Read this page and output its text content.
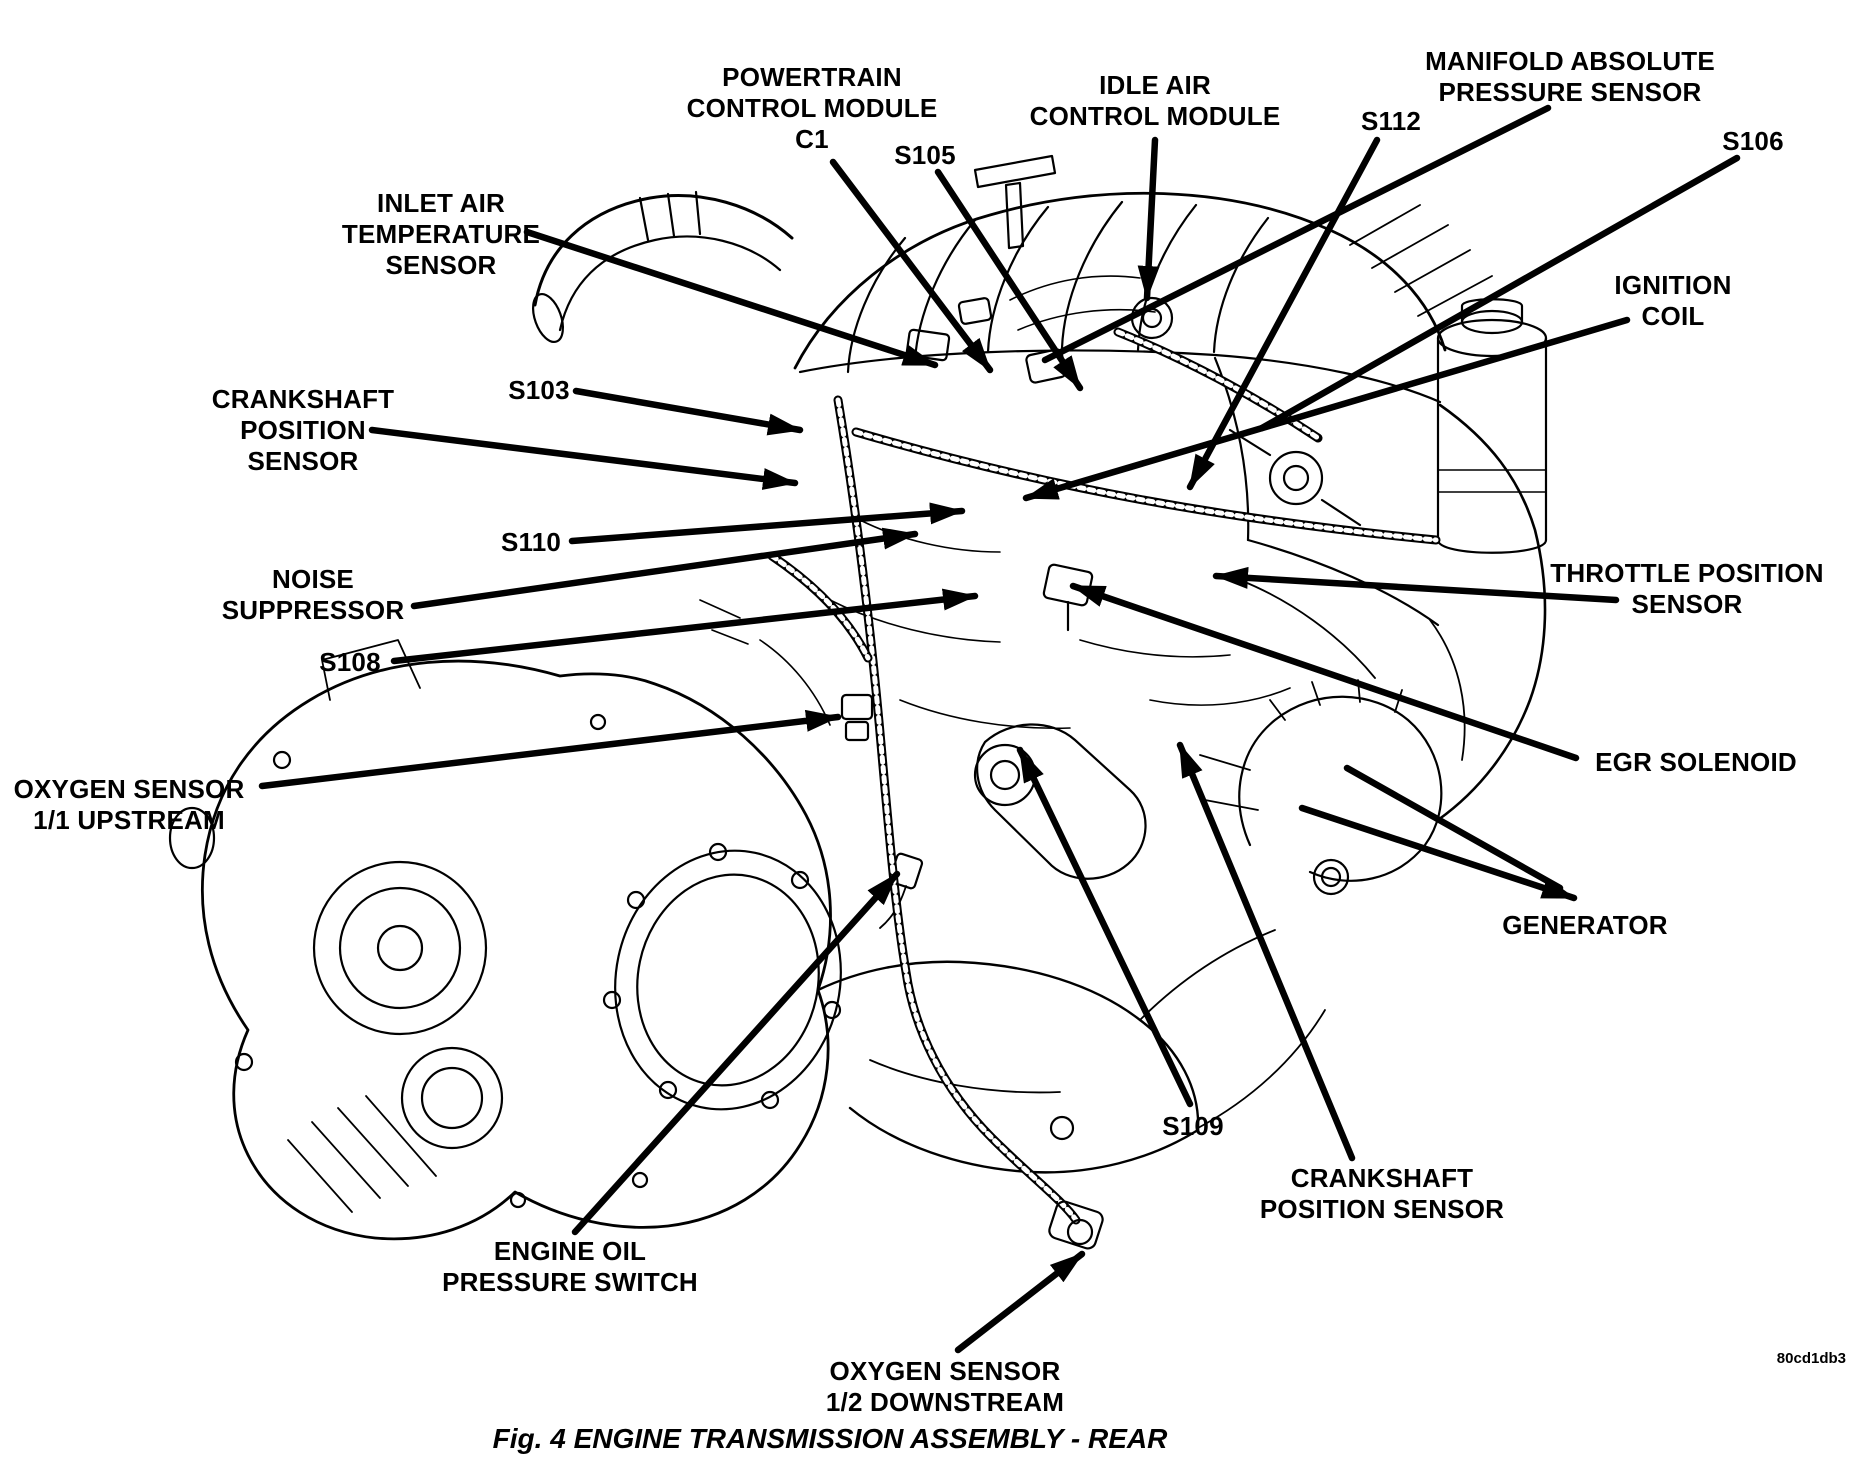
Fig. 4 ENGINE TRANSMISSION ASSEMBLY - REAR
80cd1db3
POWERTRAIN
CONTROL MODULE
C1
S105
IDLE AIR
CONTROL MODULE	S112
MANIFOLD ABSOLUTE
PRESSURE SENSOR
S106
INLET AIR
TEMPERATURE
SENSOR
S103
CRANKSHAFT
POSITION
SENSOR
S110
NOISE
SUPPRESSOR
S108
OXYGEN SENSOR
1/1 UPSTREAM
IGNITION
COIL
THROTTLE POSITION
SENSOR
EGR SOLENOID
GENERATOR
S109
CRANKSHAFT
POSITION SENSOR
ENGINE OIL
PRESSURE SWITCH
OXYGEN SENSOR
1/2 DOWNSTREAM
